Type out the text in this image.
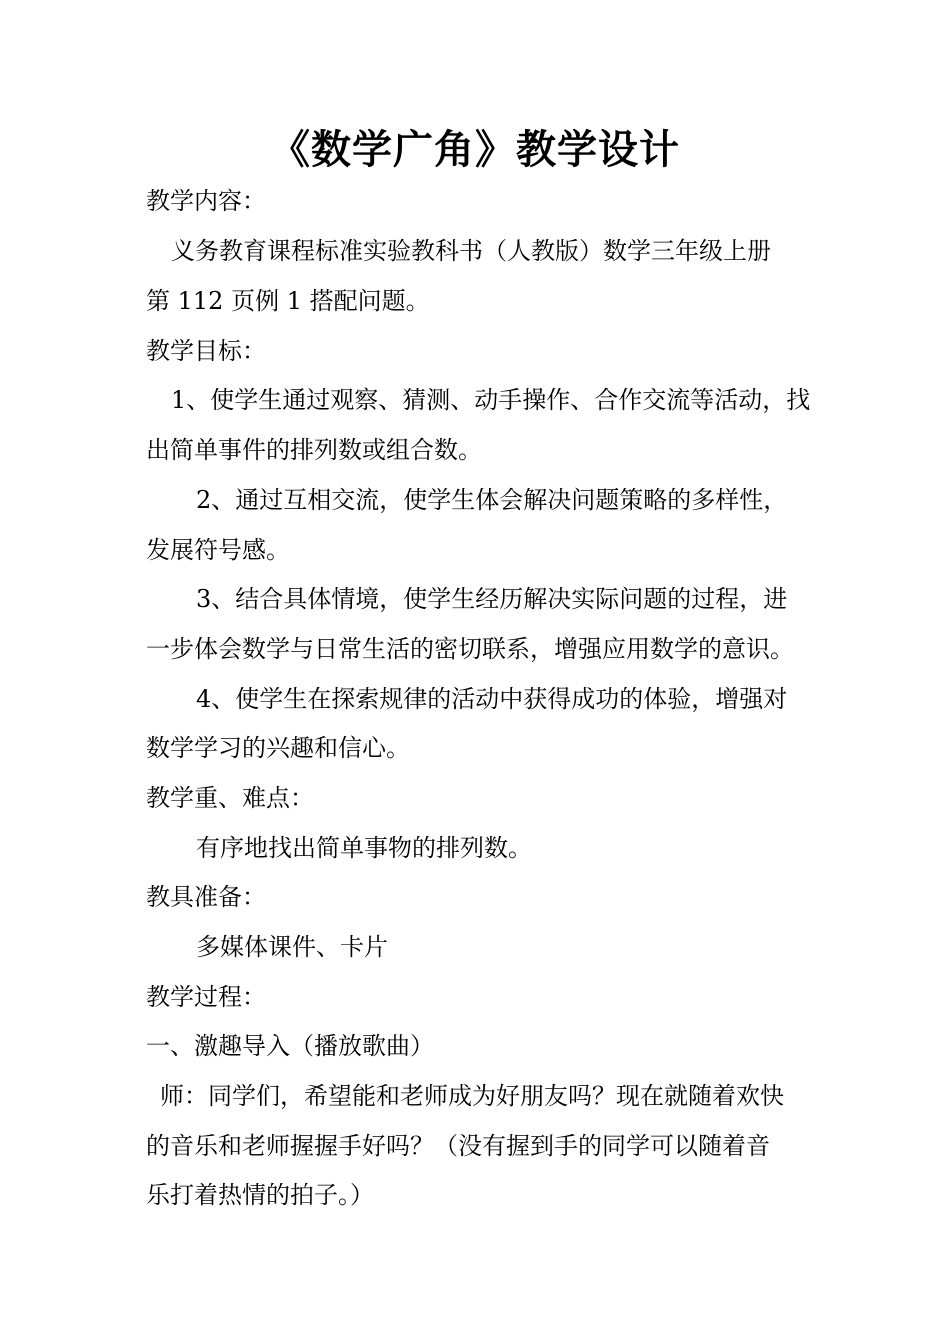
《数学广角》教学设计
教学内容：
义务教育课程标准实验教科书（人教版）数学三年级上册
第 112 页例 1 搭配问题。
教学目标：
1、使学生通过观察、猜测、动手操作、合作交流等活动，找
出简单事件的排列数或组合数。
2、通过互相交流，使学生体会解决问题策略的多样性，
发展符号感。
3、结合具体情境，使学生经历解决实际问题的过程，进
一步体会数学与日常生活的密切联系，增强应用数学的意识。
4、使学生在探索规律的活动中获得成功的体验，增强对
数学学习的兴趣和信心。
教学重、难点：
有序地找出简单事物的排列数。
教具准备：
多媒体课件、卡片
教学过程：
一、激趣导入（播放歌曲）
师：同学们，希望能和老师成为好朋友吗？现在就随着欢快
的音乐和老师握握手好吗？（没有握到手的同学可以随着音
乐打着热情的拍子。）
